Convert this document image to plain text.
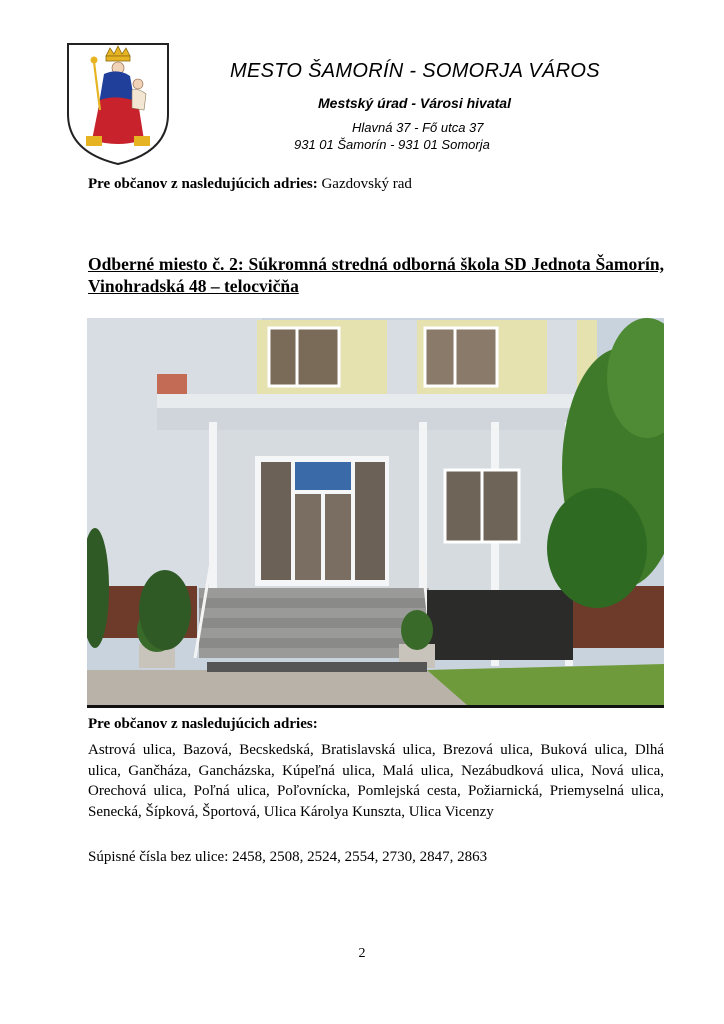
MESTO ŠAMORÍN - SOMORJA VÁROS
Mestský úrad - Városi hivatal
Hlavná 37 - Fő utca 37
931 01 Šamorín - 931 01 Somorja
Pre občanov z nasledujúcich adries: Gazdovský rad
Odberné miesto č. 2: Súkromná stredná odborná škola SD Jednota Šamorín, Vinohradská 48 – telocvičňa
Pre občanov z nasledujúcich adries:
Astrová ulica, Bazová, Becskedská, Bratislavská ulica, Brezová ulica, Buková ulica, Dlhá ulica, Gančháza, Gancházska, Kúpeľná ulica, Malá ulica, Nezábudková ulica, Nová ulica, Orechová ulica, Poľná ulica, Poľovnícka, Pomlejská cesta, Požiarnická, Priemyselná ulica, Senecká, Šípková, Športová, Ulica Károlya Kunszta, Ulica Vicenzy
Súpisné čísla bez ulice: 2458, 2508, 2524, 2554, 2730, 2847, 2863
2
